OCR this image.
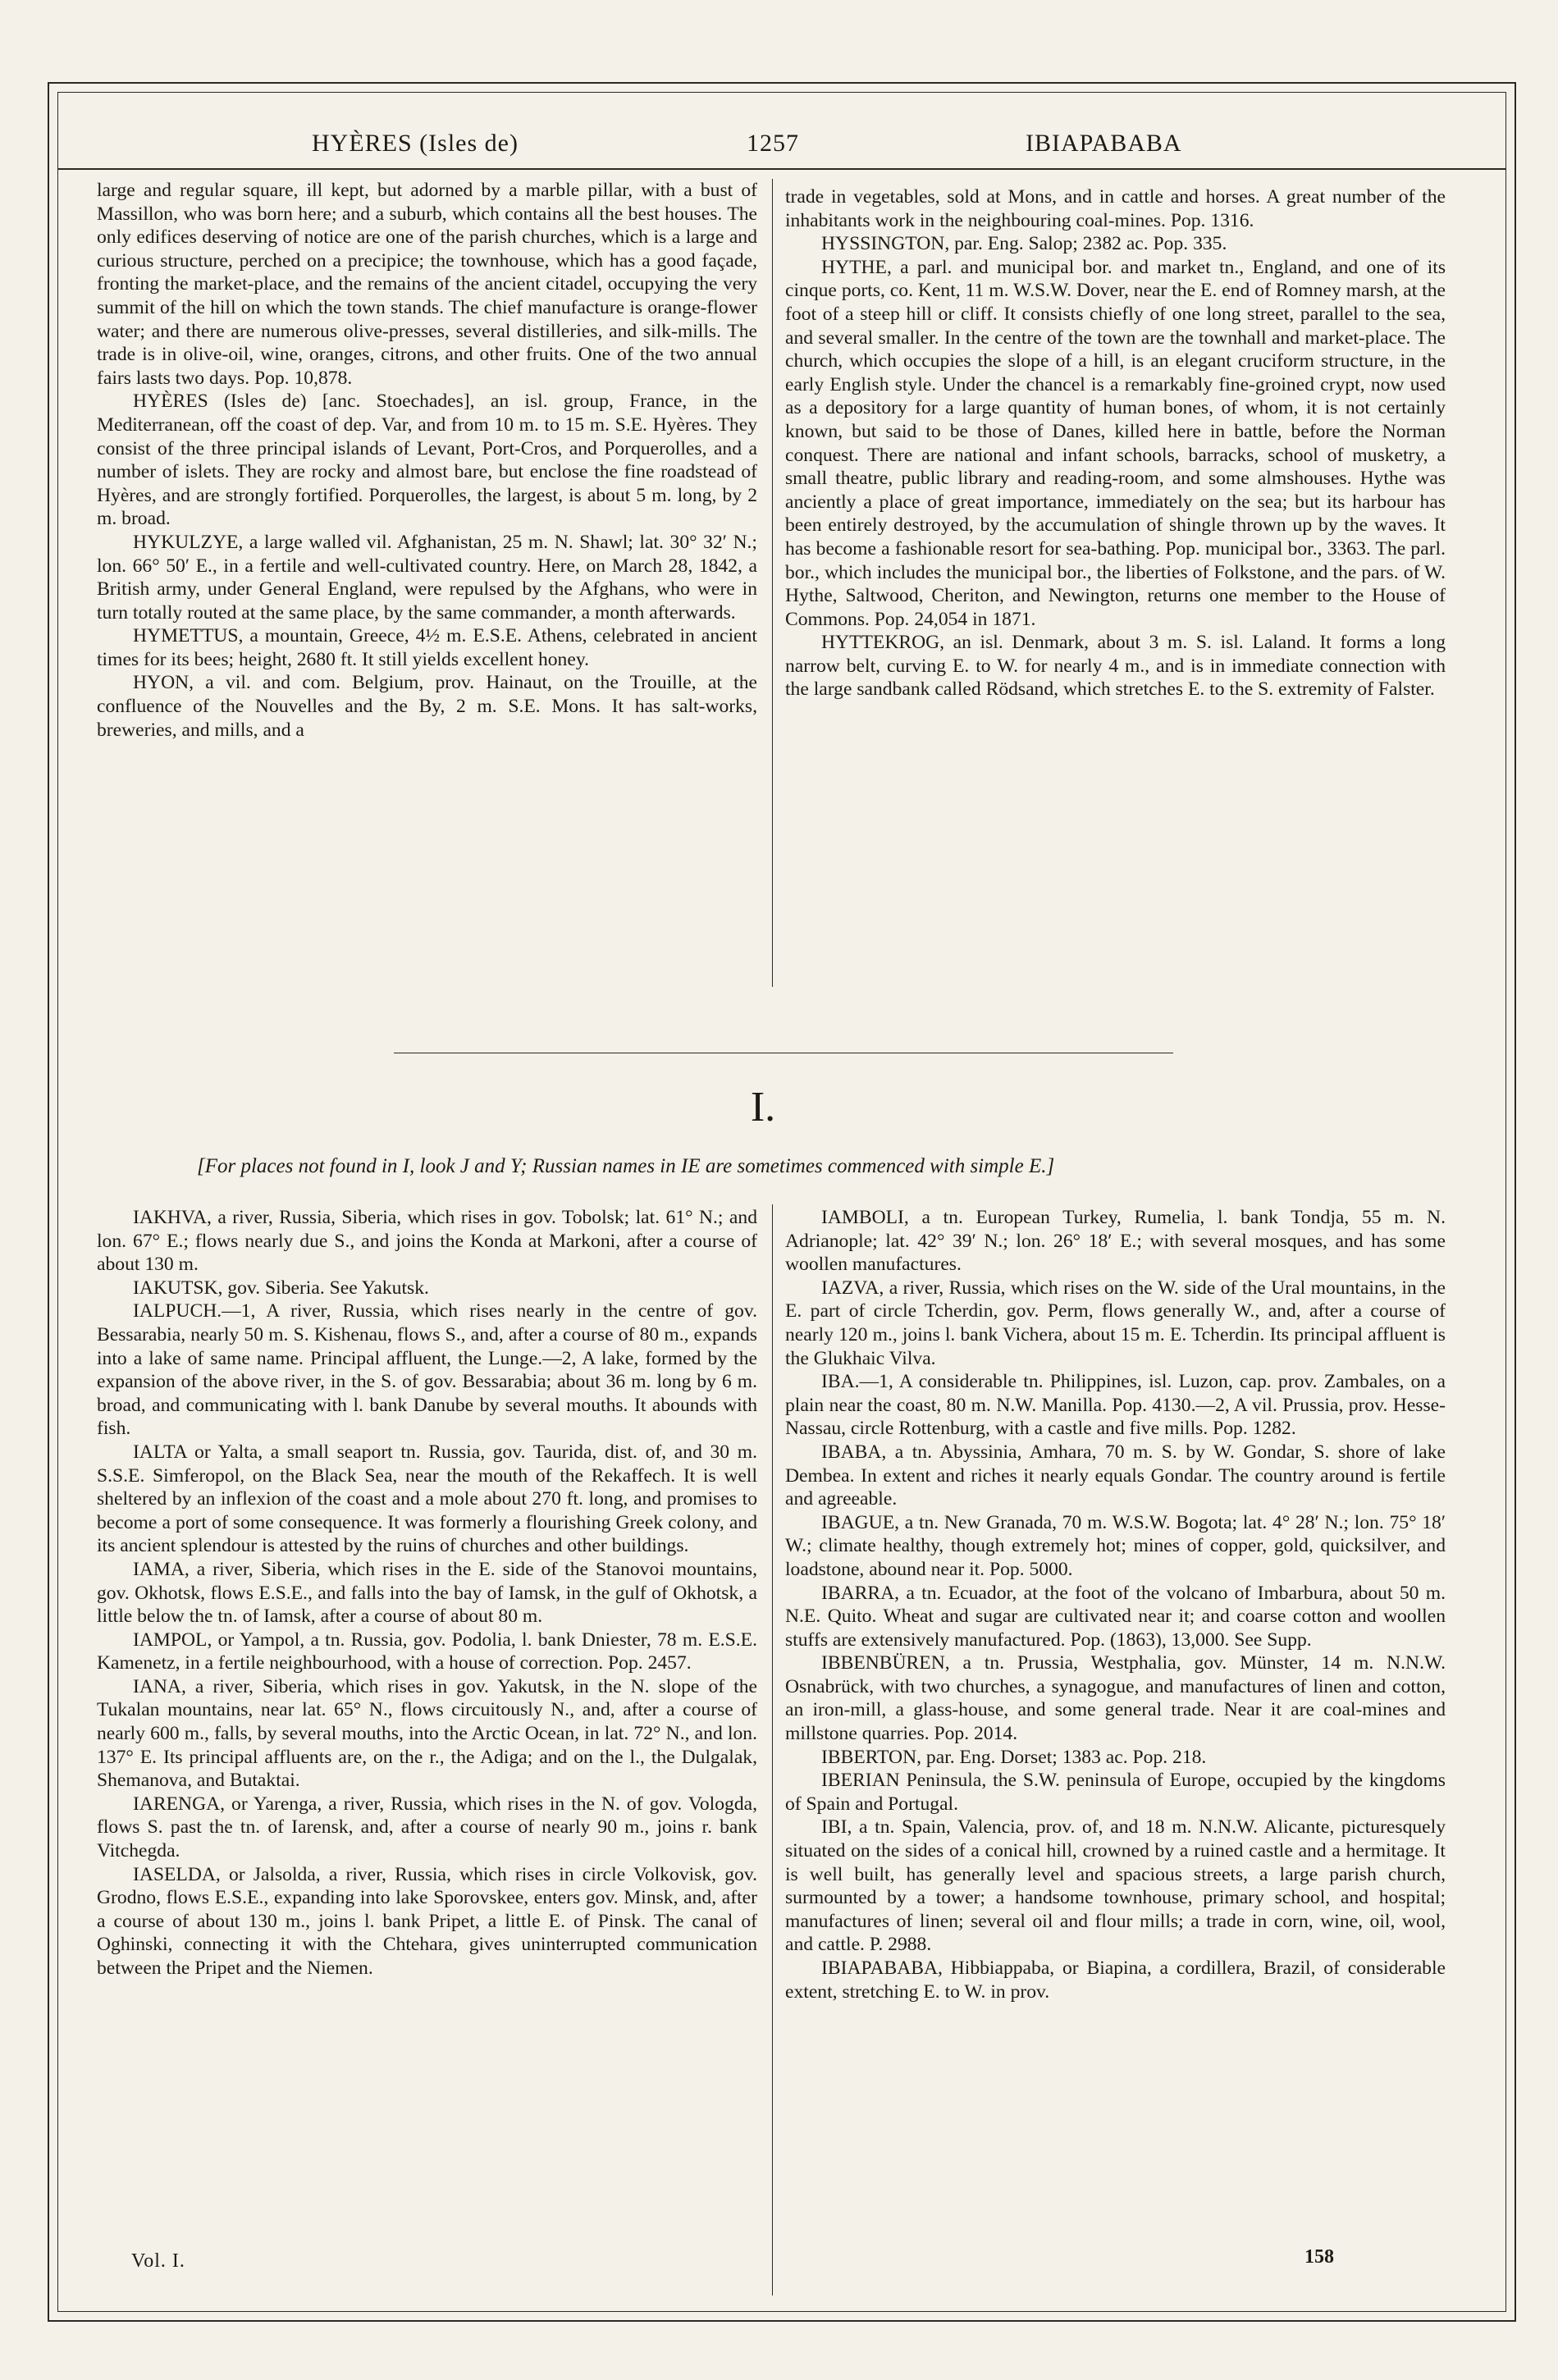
HYÈRES (Isles de)	1257	IBIAPABABA

large and regular square, ill kept, but adorned by a marble pillar, with a bust of Massillon, who was born here; and a suburb, which contains all the best houses. The only edifices deserving of notice are one of the parish churches, which is a large and curious structure, perched on a precipice; the townhouse, which has a good façade, fronting the market-place, and the remains of the ancient citadel, occupying the very summit of the hill on which the town stands. The chief manufacture is orange-flower water; and there are numerous olive-presses, several distilleries, and silk-mills. The trade is in olive-oil, wine, oranges, citrons, and other fruits. One of the two annual fairs lasts two days. Pop. 10,878.

HYÈRES (Isles de) [anc. Stoechades], an isl. group, France, in the Mediterranean, off the coast of dep. Var, and from 10 m. to 15 m. S.E. Hyères. They consist of the three principal islands of Levant, Port-Cros, and Porquerolles, and a number of islets. They are rocky and almost bare, but enclose the fine roadstead of Hyères, and are strongly fortified. Porquerolles, the largest, is about 5 m. long, by 2 m. broad.

HYKULZYE, a large walled vil. Afghanistan, 25 m. N. Shawl; lat. 30° 32′ N.; lon. 66° 50′ E., in a fertile and well-cultivated country. Here, on March 28, 1842, a British army, under General England, were repulsed by the Afghans, who were in turn totally routed at the same place, by the same commander, a month afterwards.

HYMETTUS, a mountain, Greece, 4½ m. E.S.E. Athens, celebrated in ancient times for its bees; height, 2680 ft. It still yields excellent honey.

HYON, a vil. and com. Belgium, prov. Hainaut, on the Trouille, at the confluence of the Nouvelles and the By, 2 m. S.E. Mons. It has salt-works, breweries, and mills, and a

trade in vegetables, sold at Mons, and in cattle and horses. A great number of the inhabitants work in the neighbouring coal-mines. Pop. 1316.

HYSSINGTON, par. Eng. Salop; 2382 ac. Pop. 335.

HYTHE, a parl. and municipal bor. and market tn., England, and one of its cinque ports, co. Kent, 11 m. W.S.W. Dover, near the E. end of Romney marsh, at the foot of a steep hill or cliff. It consists chiefly of one long street, parallel to the sea, and several smaller. In the centre of the town are the townhall and market-place. The church, which occupies the slope of a hill, is an elegant cruciform structure, in the early English style. Under the chancel is a remarkably fine-groined crypt, now used as a depository for a large quantity of human bones, of whom, it is not certainly known, but said to be those of Danes, killed here in battle, before the Norman conquest. There are national and infant schools, barracks, school of musketry, a small theatre, public library and reading-room, and some almshouses. Hythe was anciently a place of great importance, immediately on the sea; but its harbour has been entirely destroyed, by the accumulation of shingle thrown up by the waves. It has become a fashionable resort for sea-bathing. Pop. municipal bor., 3363. The parl. bor., which includes the municipal bor., the liberties of Folkstone, and the pars. of W. Hythe, Saltwood, Cheriton, and Newington, returns one member to the House of Commons. Pop. 24,054 in 1871.

HYTTEKROG, an isl. Denmark, about 3 m. S. isl. Laland. It forms a long narrow belt, curving E. to W. for nearly 4 m., and is in immediate connection with the large sandbank called Rödsand, which stretches E. to the S. extremity of Falster.

I.
[For places not found in I, look J and Y; Russian names in IE are sometimes commenced with simple E.]

IAKHVA, a river, Russia, Siberia, which rises in gov. Tobolsk; lat. 61° N.; and lon. 67° E.; flows nearly due S., and joins the Konda at Markoni, after a course of about 130 m.

IAKUTSK, gov. Siberia. See Yakutsk.

IALPUCH.—1, A river, Russia, which rises nearly in the centre of gov. Bessarabia, nearly 50 m. S. Kishenau, flows S., and, after a course of 80 m., expands into a lake of same name. Principal affluent, the Lunge.—2, A lake, formed by the expansion of the above river, in the S. of gov. Bessarabia; about 36 m. long by 6 m. broad, and communicating with l. bank Danube by several mouths. It abounds with fish.

IALTA or Yalta, a small seaport tn. Russia, gov. Taurida, dist. of, and 30 m. S.S.E. Simferopol, on the Black Sea, near the mouth of the Rekaffech. It is well sheltered by an inflexion of the coast and a mole about 270 ft. long, and promises to become a port of some consequence. It was formerly a flourishing Greek colony, and its ancient splendour is attested by the ruins of churches and other buildings.

IAMA, a river, Siberia, which rises in the E. side of the Stanovoi mountains, gov. Okhotsk, flows E.S.E., and falls into the bay of Iamsk, in the gulf of Okhotsk, a little below the tn. of Iamsk, after a course of about 80 m.

IAMPOL, or Yampol, a tn. Russia, gov. Podolia, l. bank Dniester, 78 m. E.S.E. Kamenetz, in a fertile neighbourhood, with a house of correction. Pop. 2457.

IANA, a river, Siberia, which rises in gov. Yakutsk, in the N. slope of the Tukalan mountains, near lat. 65° N., flows circuitously N., and, after a course of nearly 600 m., falls, by several mouths, into the Arctic Ocean, in lat. 72° N., and lon. 137° E. Its principal affluents are, on the r., the Adiga; and on the l., the Dulgalak, Shemanova, and Butaktai.

IARENGA, or Yarenga, a river, Russia, which rises in the N. of gov. Vologda, flows S. past the tn. of Iarensk, and, after a course of nearly 90 m., joins r. bank Vitchegda.

IASELDA, or Jalsolda, a river, Russia, which rises in circle Volkovisk, gov. Grodno, flows E.S.E., expanding into lake Sporovskee, enters gov. Minsk, and, after a course of about 130 m., joins l. bank Pripet, a little E. of Pinsk. The canal of Oghinski, connecting it with the Chtehara, gives uninterrupted communication between the Pripet and the Niemen.

IAMBOLI, a tn. European Turkey, Rumelia, l. bank Tondja, 55 m. N. Adrianople; lat. 42° 39′ N.; lon. 26° 18′ E.; with several mosques, and has some woollen manufactures.

IAZVA, a river, Russia, which rises on the W. side of the Ural mountains, in the E. part of circle Tcherdin, gov. Perm, flows generally W., and, after a course of nearly 120 m., joins l. bank Vichera, about 15 m. E. Tcherdin. Its principal affluent is the Glukhaic Vilva.

IBA.—1, A considerable tn. Philippines, isl. Luzon, cap. prov. Zambales, on a plain near the coast, 80 m. N.W. Manilla. Pop. 4130.—2, A vil. Prussia, prov. Hesse-Nassau, circle Rottenburg, with a castle and five mills. Pop. 1282.

IBABA, a tn. Abyssinia, Amhara, 70 m. S. by W. Gondar, S. shore of lake Dembea. In extent and riches it nearly equals Gondar. The country around is fertile and agreeable.

IBAGUE, a tn. New Granada, 70 m. W.S.W. Bogota; lat. 4° 28′ N.; lon. 75° 18′ W.; climate healthy, though extremely hot; mines of copper, gold, quicksilver, and loadstone, abound near it. Pop. 5000.

IBARRA, a tn. Ecuador, at the foot of the volcano of Imbarbura, about 50 m. N.E. Quito. Wheat and sugar are cultivated near it; and coarse cotton and woollen stuffs are extensively manufactured. Pop. (1863), 13,000. See Supp.

IBBENBÜREN, a tn. Prussia, Westphalia, gov. Münster, 14 m. N.N.W. Osnabrück, with two churches, a synagogue, and manufactures of linen and cotton, an iron-mill, a glass-house, and some general trade. Near it are coal-mines and millstone quarries. Pop. 2014.

IBBERTON, par. Eng. Dorset; 1383 ac. Pop. 218.

IBERIAN Peninsula, the S.W. peninsula of Europe, occupied by the kingdoms of Spain and Portugal.

IBI, a tn. Spain, Valencia, prov. of, and 18 m. N.N.W. Alicante, picturesquely situated on the sides of a conical hill, crowned by a ruined castle and a hermitage. It is well built, has generally level and spacious streets, a large parish church, surmounted by a tower; a handsome townhouse, primary school, and hospital; manufactures of linen; several oil and flour mills; a trade in corn, wine, oil, wool, and cattle. P. 2988.

IBIAPABABA, Hibbiappaba, or Biapina, a cordillera, Brazil, of considerable extent, stretching E. to W. in prov.

Vol. I.	158
